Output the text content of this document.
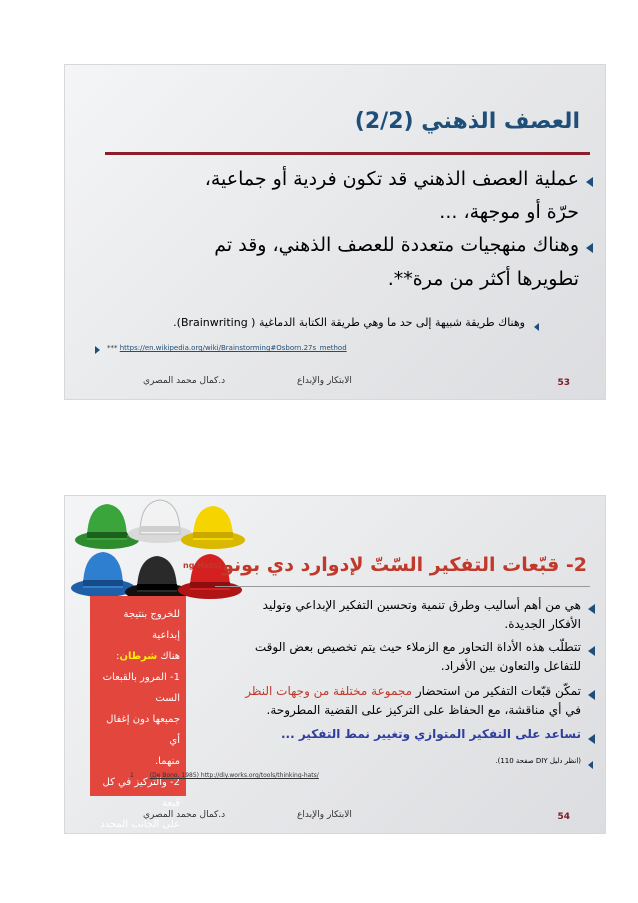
العصف الذهني (2/2)
عملية العصف الذهني قد تكون فردية أو جماعية،
حرّة أو موجهة، ...
وهناك منهجيات متعددة للعصف الذهني، وقد تم
تطويرها أكثر من مرة**.
وهناك طريقة شبيهة إلى حد ما وهي طريقة الكتابة الدماغية ( Brainwriting).
*** https://en.wikipedia.org/wiki/Brainstorming#Osborn.27s_method
د.كمال محمد المصري	الابتكار والإبداع	53
ng Hats) 2- قبّعات التفكير السّتّ لإدوارد دي بونو
للخروج بنتيجة إبداعية
هناك شرطان:
1- المرور بالقبعات الست
جميعها دون إغفال أي
منهما.
2- والتركيز في كل قبعة
على الجانب المحدد لها،
ومنع التداخل بين
القبعات.
هي من أهم أساليب وطرق تنمية وتحسين التفكير الإبداعي وتوليد
الأفكار الجديدة.
تتطلّب هذه الأداة التحاور مع الزملاء حيث يتم تخصيص بعض الوقت
للتفاعل والتعاون بين الأفراد.
تمكّن قبّعات التفكير من استحضار مجموعة مختلفة من وجهات النظر
في أي مناقشة، مع الحفاظ على التركيز على القضية المطروحة.
تساعد على التفكير المتوازي وتغيير نمط التفكير ...
(انظر دليل DIY صفحة 110).
1	(De Bono, 1985) http://diy.works.org/tools/thinking-hats/
د.كمال محمد المصري	الابتكار والإبداع	54
